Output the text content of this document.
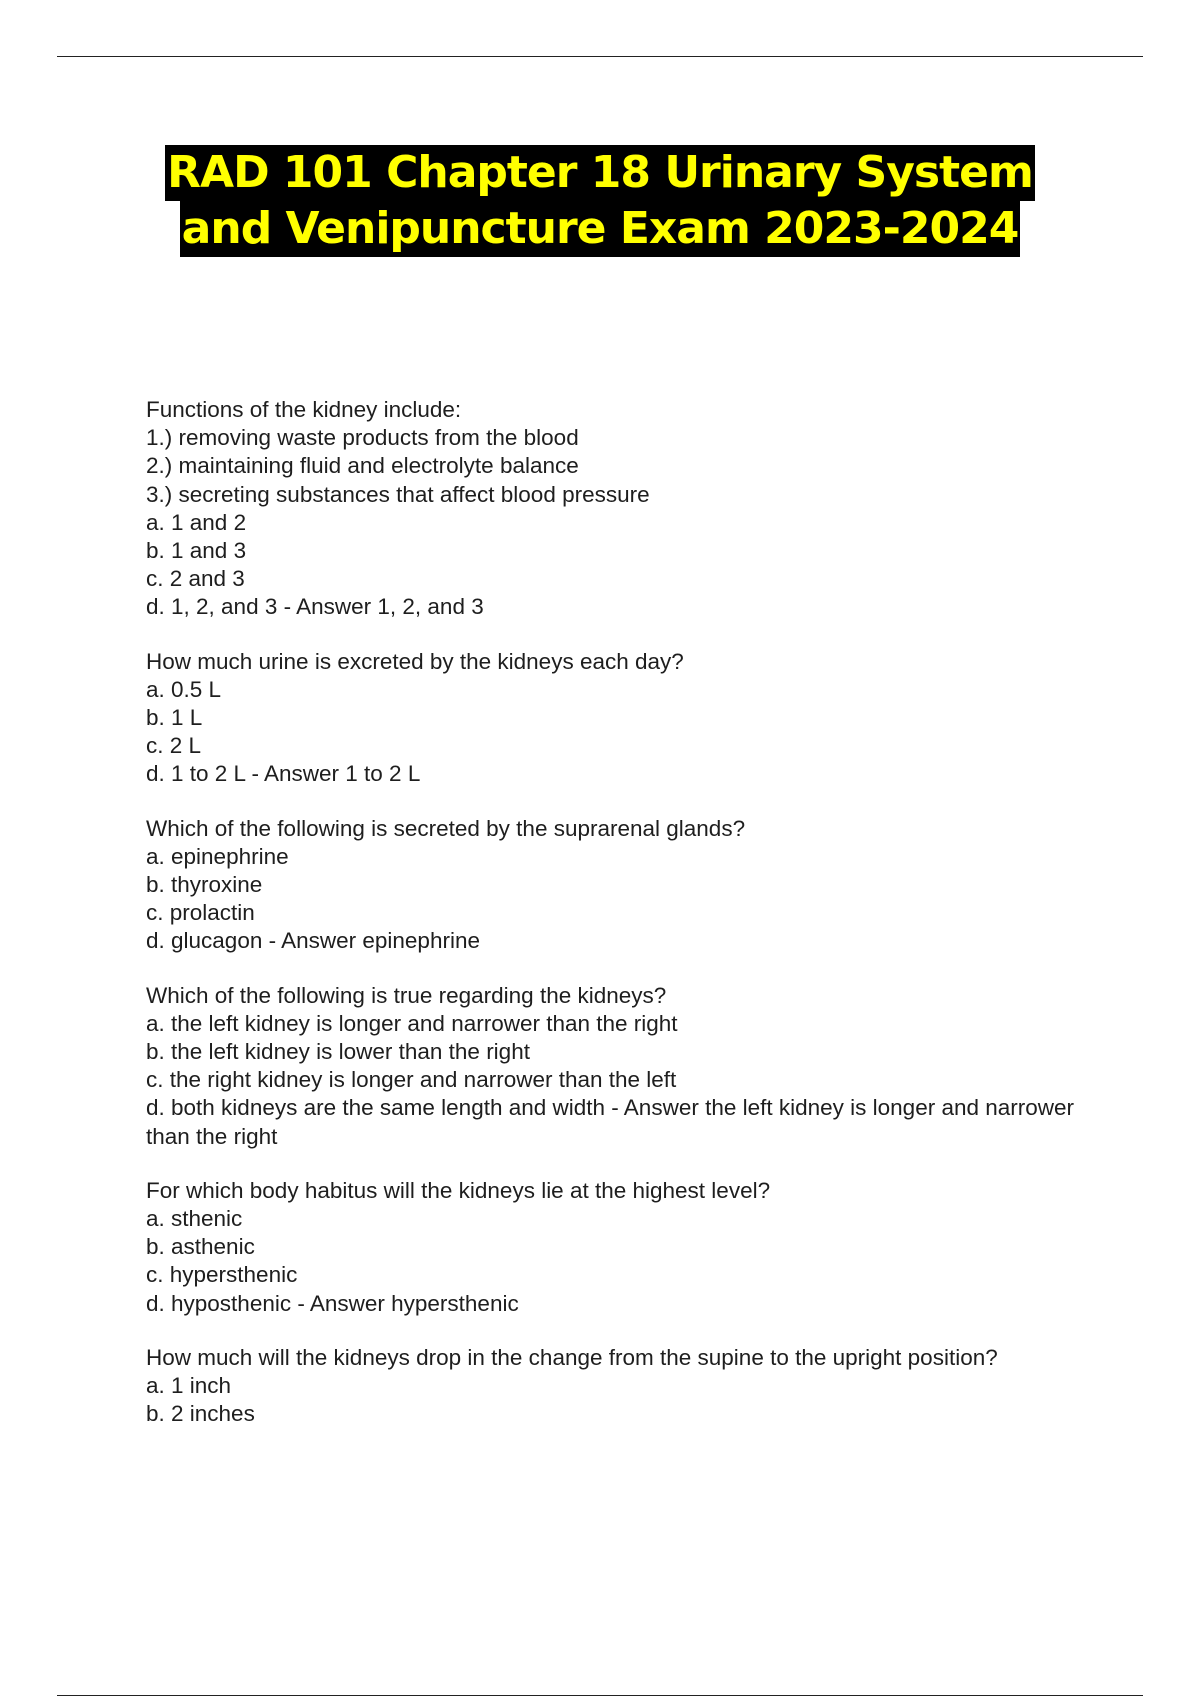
RAD 101 Chapter 18 Urinary System
and Venipuncture Exam 2023-2024
Functions of the kidney include:
1.) removing waste products from the blood
2.) maintaining fluid and electrolyte balance
3.) secreting substances that affect blood pressure
a. 1 and 2
b. 1 and 3
c. 2 and 3
d. 1, 2, and 3 - Answer 1, 2, and 3
How much urine is excreted by the kidneys each day?
a. 0.5 L
b. 1 L
c. 2 L
d. 1 to 2 L - Answer 1 to 2 L
Which of the following is secreted by the suprarenal glands?
a. epinephrine
b. thyroxine
c. prolactin
d. glucagon - Answer epinephrine
Which of the following is true regarding the kidneys?
a. the left kidney is longer and narrower than the right
b. the left kidney is lower than the right
c. the right kidney is longer and narrower than the left
d. both kidneys are the same length and width - Answer the left kidney is longer and narrower than the right
For which body habitus will the kidneys lie at the highest level?
a. sthenic
b. asthenic
c. hypersthenic
d. hyposthenic - Answer hypersthenic
How much will the kidneys drop in the change from the supine to the upright position?
a. 1 inch
b. 2 inches
